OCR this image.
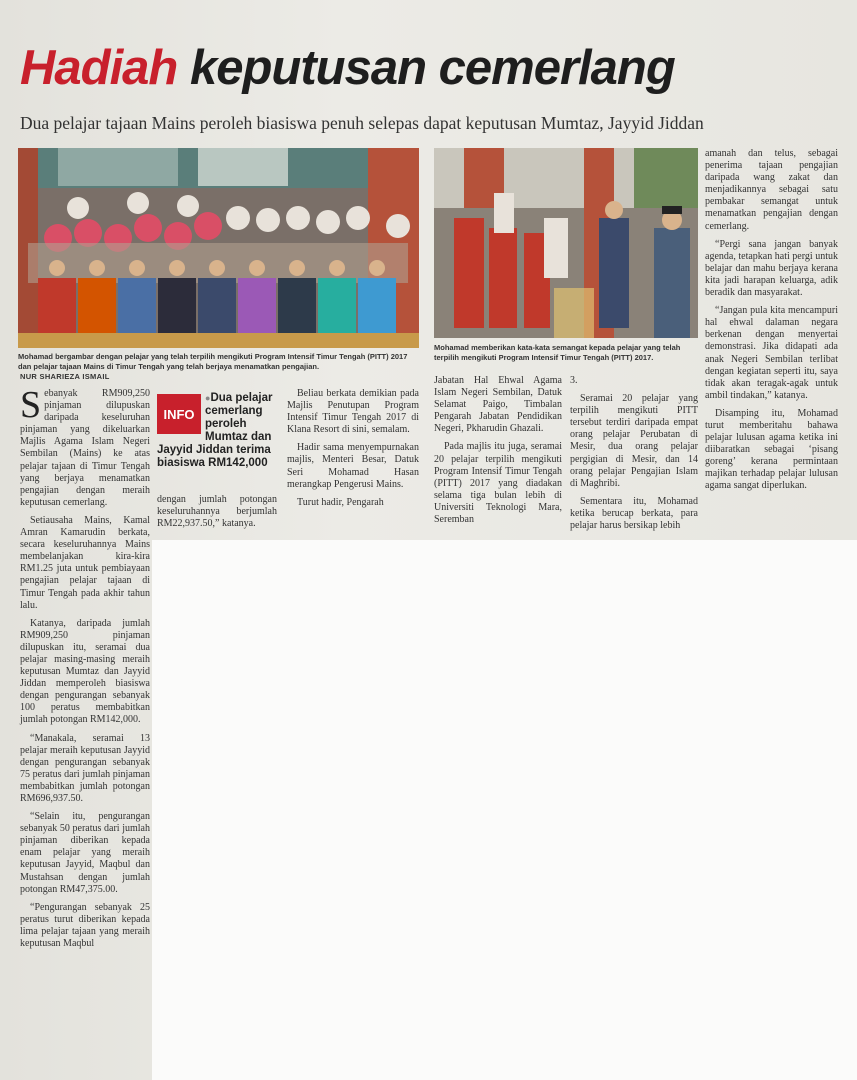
Hadiah keputusan cemerlang
Dua pelajar tajaan Mains peroleh biasiswa penuh selepas dapat keputusan Mumtaz, Jayyid Jiddan
Mohamad bergambar dengan pelajar yang telah terpilih mengikuti Program Intensif Timur Tengah (PITT) 2017 dan pelajar tajaan Mains di Timur Tengah yang telah berjaya menamatkan pengajian.
Mohamad memberikan kata-kata semangat kepada pelajar yang telah terpilih mengikuti Program Intensif Timur Tengah (PITT) 2017.
NUR SHARIEZA ISMAIL

Sebanyak RM909,250 pinjaman dilupuskan daripada keseluruhan pinjaman yang dikeluarkan Majlis Agama Islam Negeri Sembilan (Mains) ke atas pelajar tajaan di Timur Tengah yang berjaya menamatkan pengajian dengan meraih keputusan cemerlang.

Setiausaha Mains, Kamal Amran Kamarudin berkata, secara keseluruhannya Mains membelanjakan kira-kira RM1.25 juta untuk pembiayaan pengajian pelajar tajaan di Timur Tengah pada akhir tahun lalu.

Katanya, daripada jumlah RM909,250 pinjaman dilupuskan itu, seramai dua pelajar masing-masing meraih keputusan Mumtaz dan Jayyid Jiddan memperoleh biasiswa dengan pengurangan sebanyak 100 peratus membabitkan jumlah potongan RM142,000.

“Manakala, seramai 13 pelajar meraih keputusan Jayyid dengan pengurangan sebanyak 75 peratus dari jumlah pinjaman membabitkan jumlah potongan RM696,937.50.

“Selain itu, pengurangan sebanyak 50 peratus dari jumlah pinjaman diberikan kepada enam pelajar yang meraih keputusan Jayyid, Maqbul dan Mustahsan dengan jumlah potongan RM47,375.00.

“Pengurangan sebanyak 25 peratus turut diberikan kepada lima pelajar tajaan yang meraih keputusan Maqbul

INFO
●Dua pelajar cemerlang peroleh Mumtaz dan Jayyid Jiddan terima biasiswa RM142,000

dengan jumlah potongan keseluruhannya berjumlah RM22,937.50,” katanya.

Beliau berkata demikian pada Majlis Penutupan Program Intensif Timur Tengah 2017 di Klana Resort di sini, semalam.

Hadir sama menyempurnakan majlis, Menteri Besar, Datuk Seri Mohamad Hasan merangkap Pengerusi Mains.

Turut hadir, Pengarah

Jabatan Hal Ehwal Agama Islam Negeri Sembilan, Datuk Selamat Paigo, Timbalan Pengarah Jabatan Pendidikan Negeri, Pkharudin Ghazali.

Pada majlis itu juga, seramai 20 pelajar terpilih mengikuti Program Intensif Timur Tengah (PITT) 2017 yang diadakan selama tiga bulan lebih di Universiti Teknologi Mara, Seremban

3.

Seramai 20 pelajar yang terpilih mengikuti PITT tersebut terdiri daripada empat orang pelajar Perubatan di Mesir, dua orang pelajar pergigian di Mesir, dan 14 orang pelajar Pengajian Islam di Maghribi.

Sementara itu, Mohamad ketika berucap berkata, para pelajar harus bersikap lebih

amanah dan telus, sebagai penerima tajaan pengajian daripada wang zakat dan menjadikannya sebagai satu pembakar semangat untuk menamatkan pengajian dengan cemerlang.

“Pergi sana jangan banyak agenda, tetapkan hati pergi untuk belajar dan mahu berjaya kerana kita jadi harapan keluarga, adik beradik dan masyarakat.

“Jangan pula kita mencampuri hal ehwal dalaman negara berkenan dengan menyertai demonstrasi. Jika didapati ada anak Negeri Sembilan terlibat dengan kegiatan seperti itu, saya tidak akan teragak-agak untuk ambil tindakan,” katanya.

Disamping itu, Mohamad turut memberitahu bahawa pelajar lulusan agama ketika ini diibaratkan sebagai ‘pisang goreng’ kerana permintaan majikan terhadap pelajar lulusan agama sangat diperlukan.
